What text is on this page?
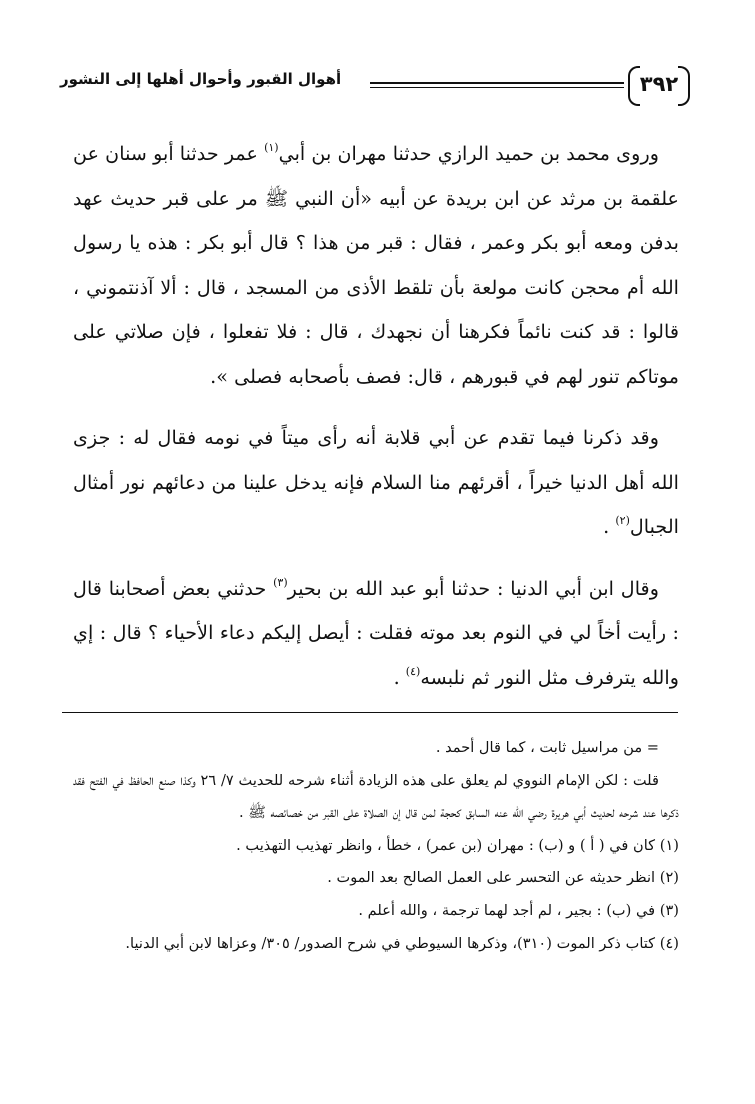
٣٩٢
أهوال القبور وأحوال أهلها إلى النشور

وروى محمد بن حميد الرازي حدثنا مهران بن أبي$^{(١)}$ عمر حدثنا أبو سنان عن علقمة بن مرثد عن ابن بريدة عن أبيه «أن النبي ﷺ مر على قبر حديث عهد بدفن ومعه أبو بكر وعمر ، فقال : قبر من هذا ؟ قال أبو بكر : هذه يا رسول الله أم محجن كانت مولعة بأن تلقط الأذى من المسجد ، قال : ألا آذنتموني ، قالوا : قد كنت نائماً فكرهنا أن نجهدك ، قال : فلا تفعلوا ، فإن صلاتي على موتاكم تنور لهم في قبورهم ، قال: فصف بأصحابه فصلى ».

وقد ذكرنا فيما تقدم عن أبي قلابة أنه رأى ميتاً في نومه فقال له : جزى الله أهل الدنيا خيراً ، أقرئهم منا السلام فإنه يدخل علينا من دعائهم نور أمثال الجبال$^{(٢)}$ .

وقال ابن أبي الدنيا : حدثنا أبو عبد الله بن بحير$^{(٣)}$ حدثني بعض أصحابنا قال : رأيت أخاً لي في النوم بعد موته فقلت : أيصل إليكم دعاء الأحياء ؟ قال : إي والله يترفرف مثل النور ثم نلبسه$^{(٤)}$ .

= من مراسيل ثابت ، كما قال أحمد .

قلت : لكن الإمام النووي لم يعلق على هذه الزيادة أثناء شرحه للحديث ٧/ ٢٦ وكذا صنع الحافظ في الفتح فقد ذكرها عند شرحه لحديث أبي هريرة رضي الله عنه السابق كحجة لمن قال إن الصلاة على القبر من خصائصه ﷺ .

(١) كان في ( أ ) و (ب) : مهران (بن عمر) ، خطأ ، وانظر تهذيب التهذيب .

(٢) انظر حديثه عن التحسر على العمل الصالح بعد الموت .

(٣) في (ب) : بجير ، لم أجد لهما ترجمة ، والله أعلم .

(٤) كتاب ذكر الموت (٣١٠)، وذكرها السيوطي في شرح الصدور/ ٣٠٥/ وعزاها لابن أبي الدنيا.
